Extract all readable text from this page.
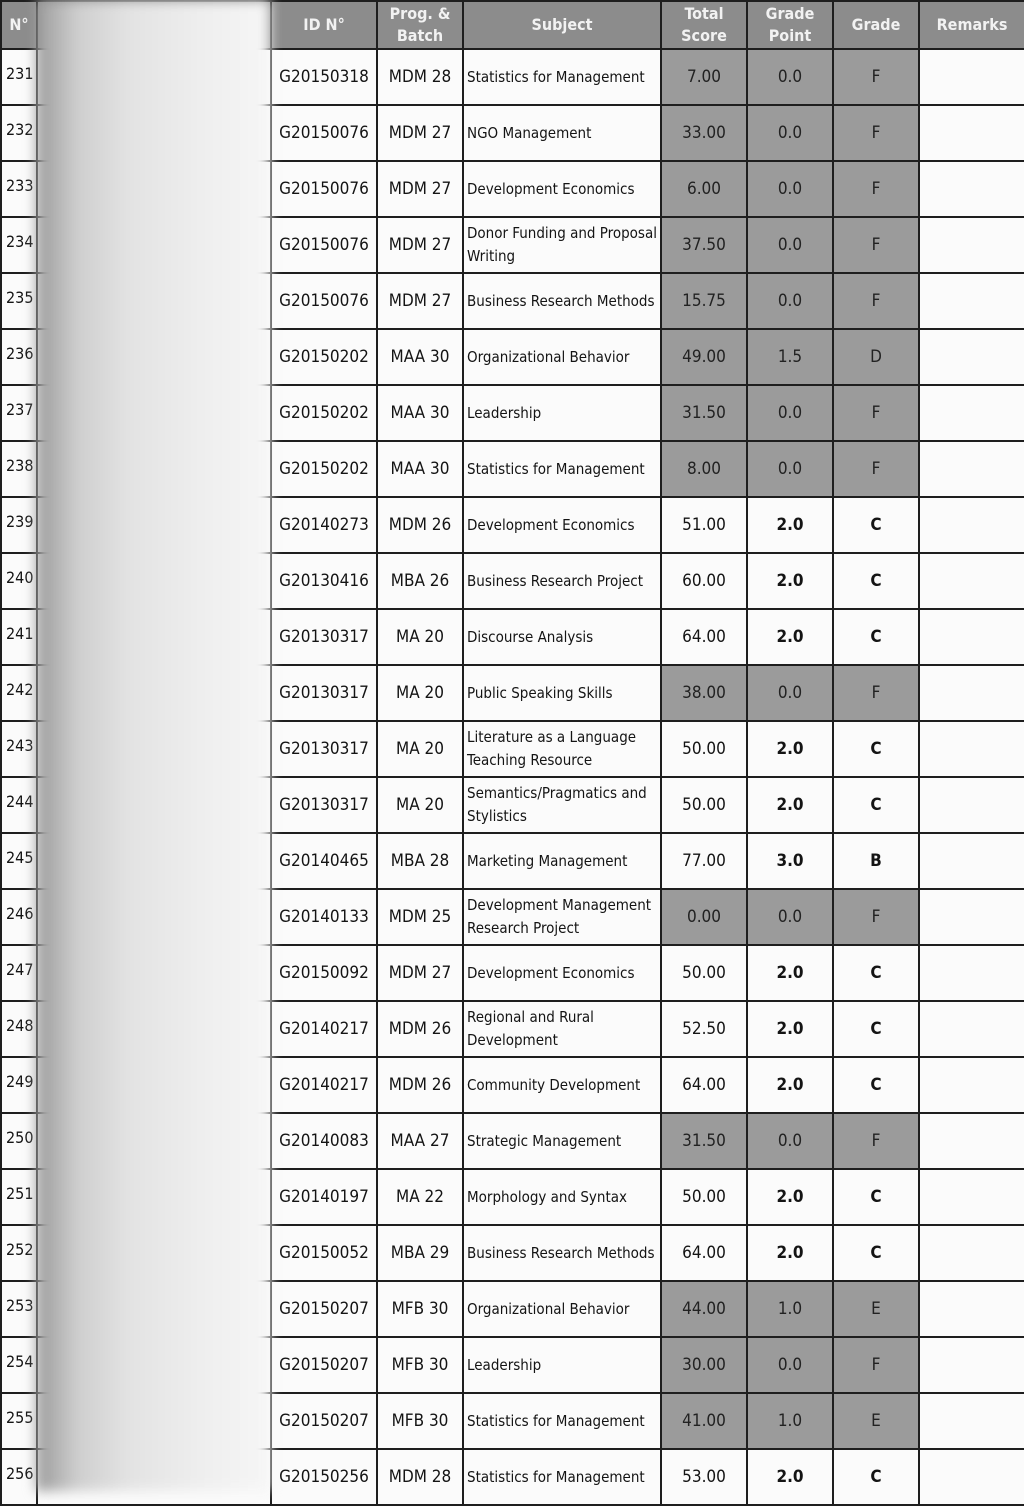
N°		ID N°	Prog. & Batch	Subject	Total Score	Grade Point	Grade	Remarks
231		G20150318	MDM 28	Statistics for Management	7.00	0.0	F	
232		G20150076	MDM 27	NGO Management	33.00	0.0	F	
233		G20150076	MDM 27	Development Economics	6.00	0.0	F	
234		G20150076	MDM 27	Donor Funding and Proposal Writing	37.50	0.0	F	
235		G20150076	MDM 27	Business Research Methods	15.75	0.0	F	
236		G20150202	MAA 30	Organizational Behavior	49.00	1.5	D	
237		G20150202	MAA 30	Leadership	31.50	0.0	F	
238		G20150202	MAA 30	Statistics for Management	8.00	0.0	F	
239		G20140273	MDM 26	Development Economics	51.00	2.0	C	
240		G20130416	MBA 26	Business Research Project	60.00	2.0	C	
241		G20130317	MA 20	Discourse Analysis	64.00	2.0	C	
242		G20130317	MA 20	Public Speaking Skills	38.00	0.0	F	
243		G20130317	MA 20	Literature as a Language Teaching Resource	50.00	2.0	C	
244		G20130317	MA 20	Semantics/Pragmatics and Stylistics	50.00	2.0	C	
245		G20140465	MBA 28	Marketing Management	77.00	3.0	B	
246		G20140133	MDM 25	Development Management Research Project	0.00	0.0	F	
247		G20150092	MDM 27	Development Economics	50.00	2.0	C	
248		G20140217	MDM 26	Regional and Rural Development	52.50	2.0	C	
249		G20140217	MDM 26	Community Development	64.00	2.0	C	
250		G20140083	MAA 27	Strategic Management	31.50	0.0	F	
251		G20140197	MA 22	Morphology and Syntax	50.00	2.0	C	
252		G20150052	MBA 29	Business Research Methods	64.00	2.0	C	
253		G20150207	MFB 30	Organizational Behavior	44.00	1.0	E	
254		G20150207	MFB 30	Leadership	30.00	0.0	F	
255		G20150207	MFB 30	Statistics for Management	41.00	1.0	E	
256		G20150256	MDM 28	Statistics for Management	53.00	2.0	C	
